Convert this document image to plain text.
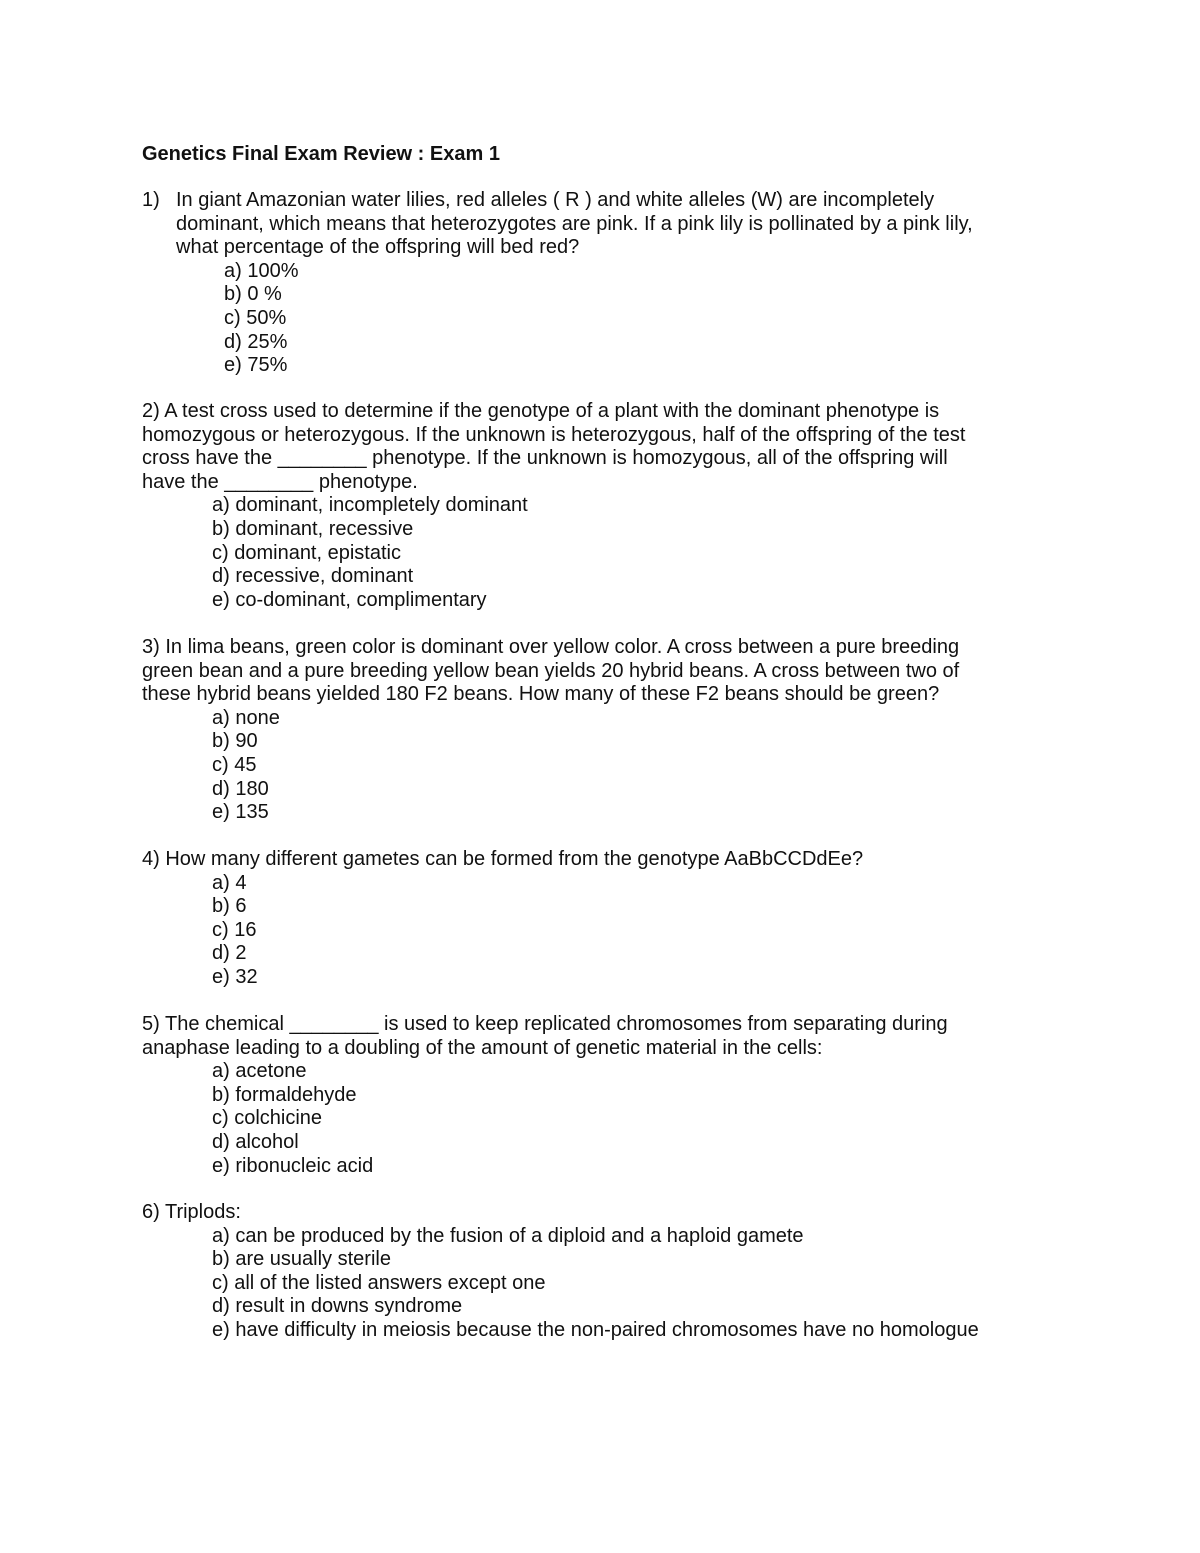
Genetics Final Exam Review : Exam 1
1) In giant Amazonian water lilies, red alleles ( R ) and white alleles (W) are incompletely
dominant, which means that heterozygotes are pink. If a pink lily is pollinated by a pink lily,
what percentage of the offspring will bed red?
a) 100%
b) 0 %
c) 50%
d) 25%
e) 75%
2) A test cross used to determine if the genotype of a plant with the dominant phenotype is
homozygous or heterozygous. If the unknown is heterozygous, half of the offspring of the test
cross have the ________ phenotype. If the unknown is homozygous, all of the offspring will
have the ________ phenotype.
a) dominant, incompletely dominant
b) dominant, recessive
c) dominant, epistatic
d) recessive, dominant
e) co-dominant, complimentary
3) In lima beans, green color is dominant over yellow color. A cross between a pure breeding
green bean and a pure breeding yellow bean yields 20 hybrid beans. A cross between two of
these hybrid beans yielded 180 F2 beans. How many of these F2 beans should be green?
a) none
b) 90
c) 45
d) 180
e) 135
4) How many different gametes can be formed from the genotype AaBbCCDdEe?
a) 4
b) 6
c) 16
d) 2
e) 32
5) The chemical ________ is used to keep replicated chromosomes from separating during
anaphase leading to a doubling of the amount of genetic material in the cells:
a) acetone
b) formaldehyde
c) colchicine
d) alcohol
e) ribonucleic acid
6) Triplods:
a) can be produced by the fusion of a diploid and a haploid gamete
b) are usually sterile
c) all of the listed answers except one
d) result in downs syndrome
e) have difficulty in meiosis because the non-paired chromosomes have no homologue
